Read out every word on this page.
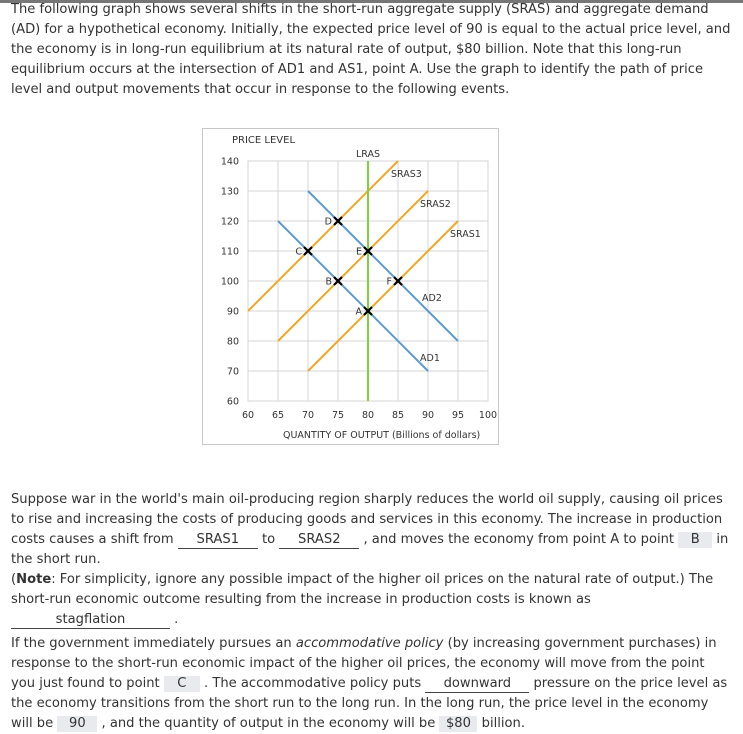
The following graph shows several shifts in the short-run aggregate supply (SRAS) and aggregate demand (AD) for a hypothetical economy. Initially, the expected price level of 90 is equal to the actual price level, and the economy is in long-run equilibrium at its natural rate of output, $80 billion. Note that this long-run equilibrium occurs at the intersection of AD1 and AS1, point A. Use the graph to identify the path of price level and output movements that occur in response to the following events.

SRAS1
SRAS2
SRAS3
AD1
AD2
LRAS
A
B
C
D
E
F
60 65 70 75 80 85 90 95 100
60
70
80
90
100
110
120
130
140
PRICE LEVEL
QUANTITY OF OUTPUT (Billions of dollars)

Suppose war in the world's main oil-producing region sharply reduces the world oil supply, causing oil prices to rise and increasing the costs of producing goods and services in this economy. The increase in production costs causes a shift from SRAS1 to SRAS2 , and moves the economy from point A to point B in the short run.
(Note: For simplicity, ignore any possible impact of the higher oil prices on the natural rate of output.) The short-run economic outcome resulting from the increase in production costs is known as stagflation	.

If the government immediately pursues an accommodative policy (by increasing government purchases) in response to the short-run economic impact of the higher oil prices, the economy will move from the point you just found to point C . The accommodative policy puts downward pressure on the price level as the economy transitions from the short run to the long run. In the long run, the price level in the economy will be 90 , and the quantity of output in the economy will be $80 billion.
